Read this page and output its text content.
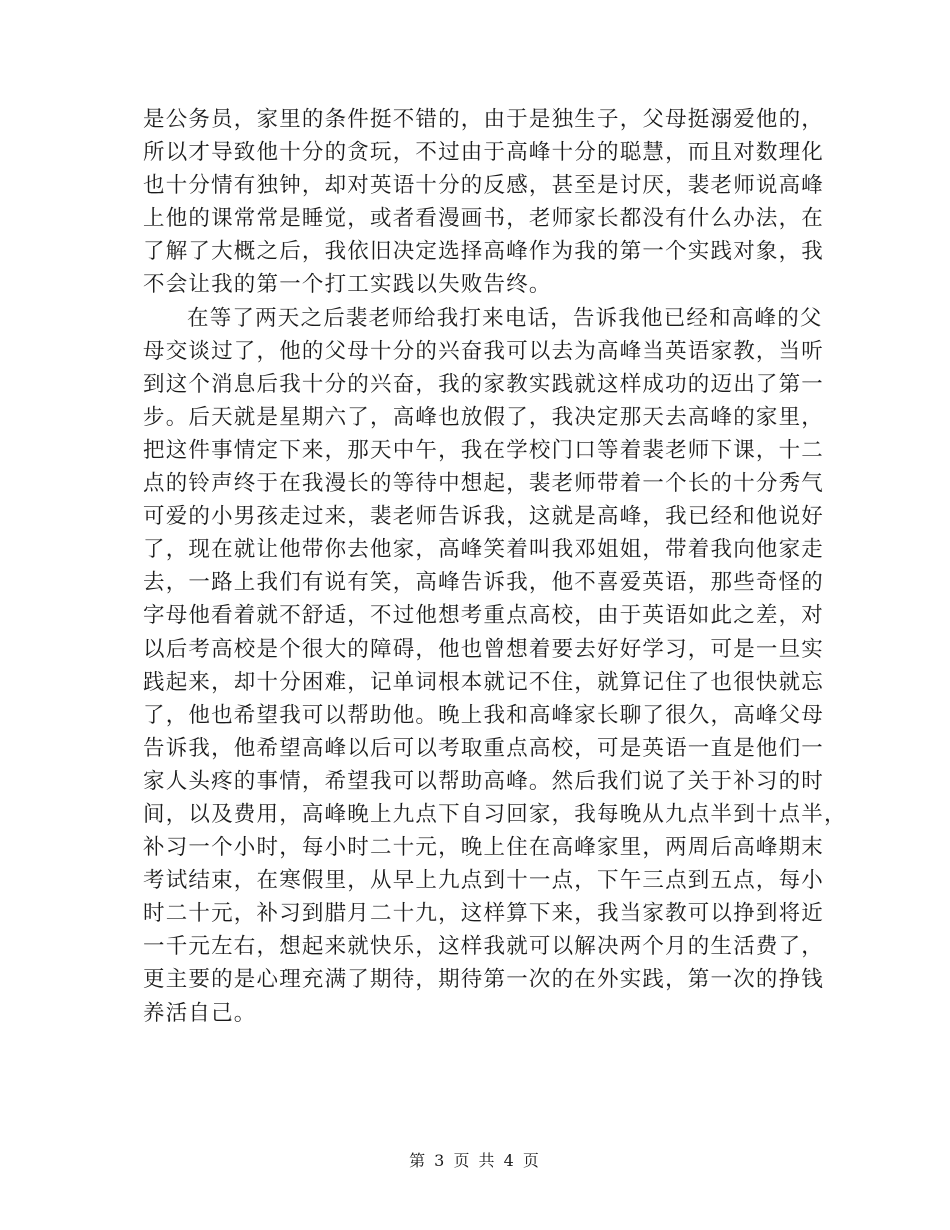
是公务员，家里的条件挺不错的，由于是独生子，父母挺溺爱他的，
所以才导致他十分的贪玩，不过由于高峰十分的聪慧，而且对数理化
也十分情有独钟，却对英语十分的反感，甚至是讨厌，裴老师说高峰
上他的课常常是睡觉，或者看漫画书，老师家长都没有什么办法，在
了解了大概之后，我依旧决定选择高峰作为我的第一个实践对象，我
不会让我的第一个打工实践以失败告终。
在等了两天之后裴老师给我打来电话，告诉我他已经和高峰的父
母交谈过了，他的父母十分的兴奋我可以去为高峰当英语家教，当听
到这个消息后我十分的兴奋，我的家教实践就这样成功的迈出了第一
步。后天就是星期六了，高峰也放假了，我决定那天去高峰的家里，
把这件事情定下来，那天中午，我在学校门口等着裴老师下课，十二
点的铃声终于在我漫长的等待中想起，裴老师带着一个长的十分秀气
可爱的小男孩走过来，裴老师告诉我，这就是高峰，我已经和他说好
了，现在就让他带你去他家，高峰笑着叫我邓姐姐，带着我向他家走
去，一路上我们有说有笑，高峰告诉我，他不喜爱英语，那些奇怪的
字母他看着就不舒适，不过他想考重点高校，由于英语如此之差，对
以后考高校是个很大的障碍，他也曾想着要去好好学习，可是一旦实
践起来，却十分困难，记单词根本就记不住，就算记住了也很快就忘
了，他也希望我可以帮助他。晚上我和高峰家长聊了很久，高峰父母
告诉我，他希望高峰以后可以考取重点高校，可是英语一直是他们一
家人头疼的事情，希望我可以帮助高峰。然后我们说了关于补习的时
间，以及费用，高峰晚上九点下自习回家，我每晚从九点半到十点半，
补习一个小时，每小时二十元，晚上住在高峰家里，两周后高峰期末
考试结束，在寒假里，从早上九点到十一点，下午三点到五点，每小
时二十元，补习到腊月二十九，这样算下来，我当家教可以挣到将近
一千元左右，想起来就快乐，这样我就可以解决两个月的生活费了，
更主要的是心理充满了期待，期待第一次的在外实践，第一次的挣钱
养活自己。
第 3 页 共 4 页
